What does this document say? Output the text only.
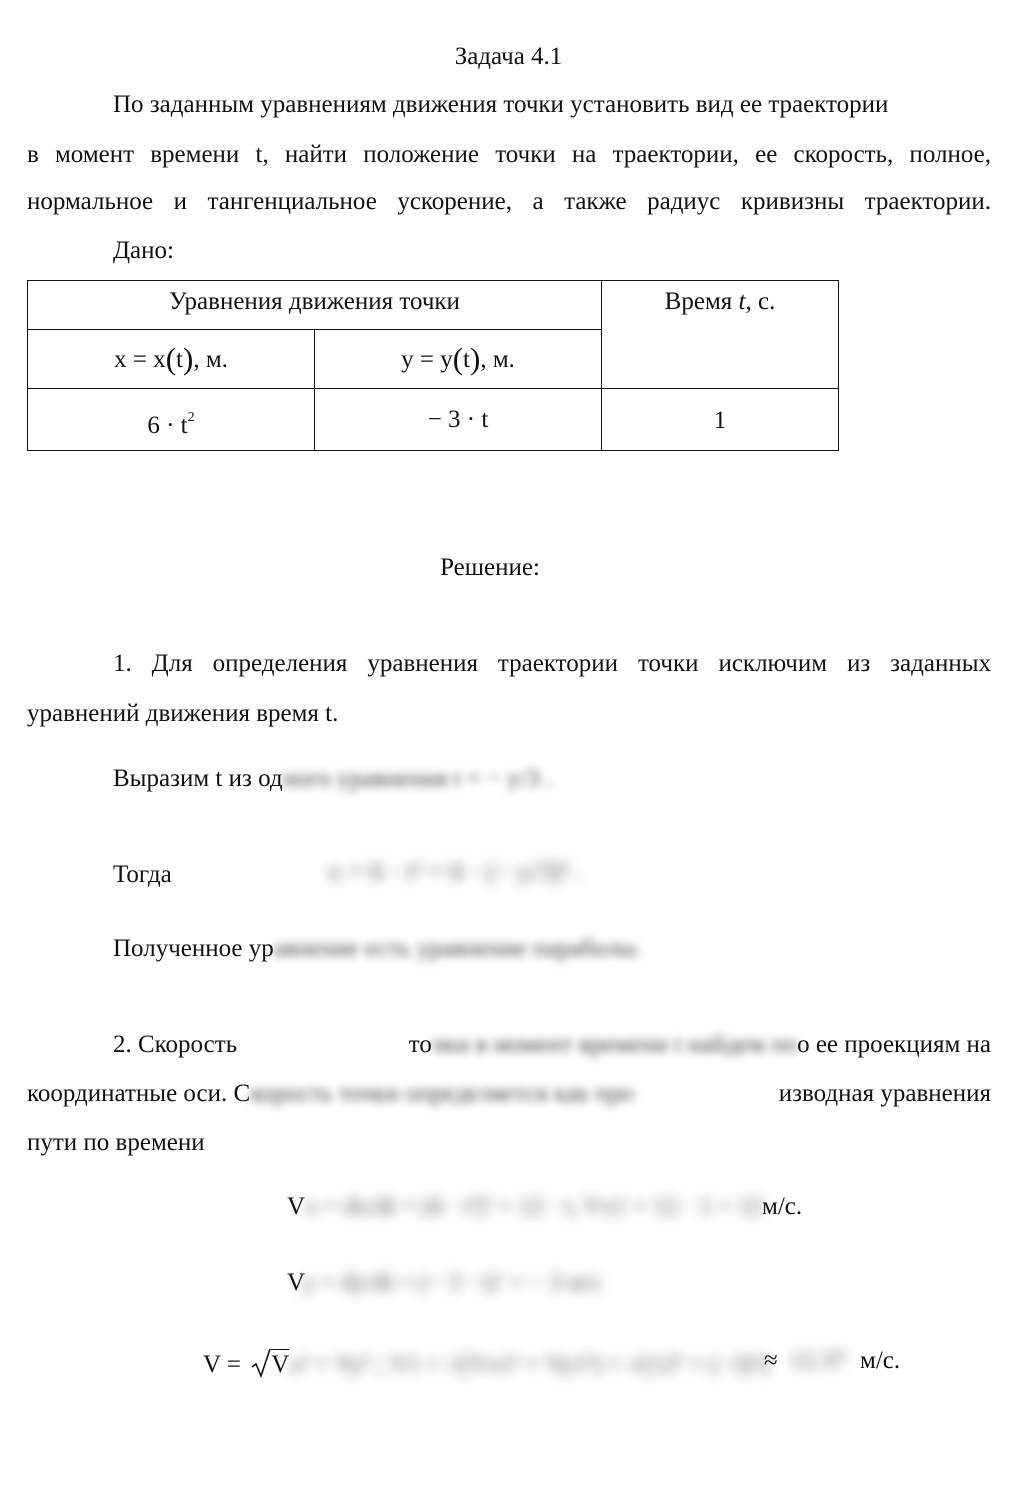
Задача 4.1
По заданным уравнениям движения точки установить вид ее траектории
в момент времени t, найти положение точки на траектории, ее скорость, полное,
нормальное и тангенциальное ускорение, а также радиус кривизны траектории.
Дано:
Уравнения движения точки	Время t, с.
x = x(t), м.	y = y(t), м.
$6 \cdot t^2$	− 3 · t	1
Решение:
1. Для определения уравнения траектории точки исключим из заданных
уравнений движения время t.
Выразим t из одного уравнения t = − y/3 .
Тогда	x = 6 · t² = 6 · (− y/3)² .
Полученное уравнение есть уравнение параболы.
2. Скорость	точки в момент времени t найдем поо ее проекциям на
координатные оси. Скорость точки определяется как про	изводная уравнения
пути по времени
Vx = dx/dt = (6 · t²)′ = 12 · t, Vx1 = 12 · 1 = 12
м/с.
Vy = dy/dt = (− 3 · t)′ = − 3 м/с
V = Vx² + Vy² ; V1 = √(Vx1² + Vy1²) = √(12² + (−3)²)
≈ 12.37 м/с.
